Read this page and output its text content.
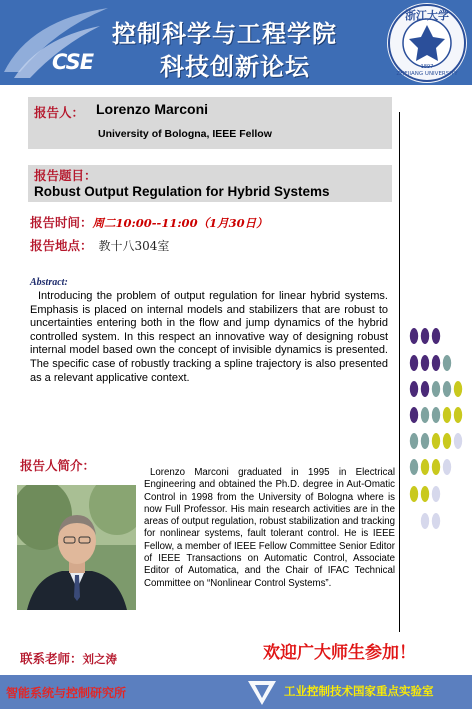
CSE
控制科学与工程学院
科技创新论坛
浙江大学
ZHEJIANG UNIVERSITY
1897
报告人： Lorenzo Marconi
University of Bologna, IEEE Fellow
报告题目：
Robust Output Regulation for Hybrid Systems
报告时间：周二10:00--11:00（1月30日）
报告地点： 教十八304室
Abstract:
Introducing the problem of output regulation for linear hybrid systems. Emphasis is placed on internal models and stabilizers that are robust to uncertainties entering both in the flow and jump dynamics of the hybrid controlled system. In this respect an innovative way of designing robust internal model based own the concept of invisible dynamics is presented. The specific case of robustly tracking a spline trajectory is also presented as a relevant applicative context.
报告人简介：	Lorenzo Marconi graduated in 1995 in Electrical Engineering and obtained the Ph.D. degree in Aut-Omatic Control in 1998 from the University of Bologna where is now Full Professor. His main research activities are in the areas of output regulation, robust stabilization and tracking for nonlinear systems, fault tolerant control. He is IEEE Fellow, a member of IEEE Fellow Committee Senior Editor of IEEE Transactions on Automatic Control, Associate Editor of Automatica, and the Chair of IFAC Technical Committee on “Nonlinear Control Systems”.
联系老师：刘之涛	欢迎广大师生参加！
智能系统与控制研究所	工业控制技术国家重点实验室
